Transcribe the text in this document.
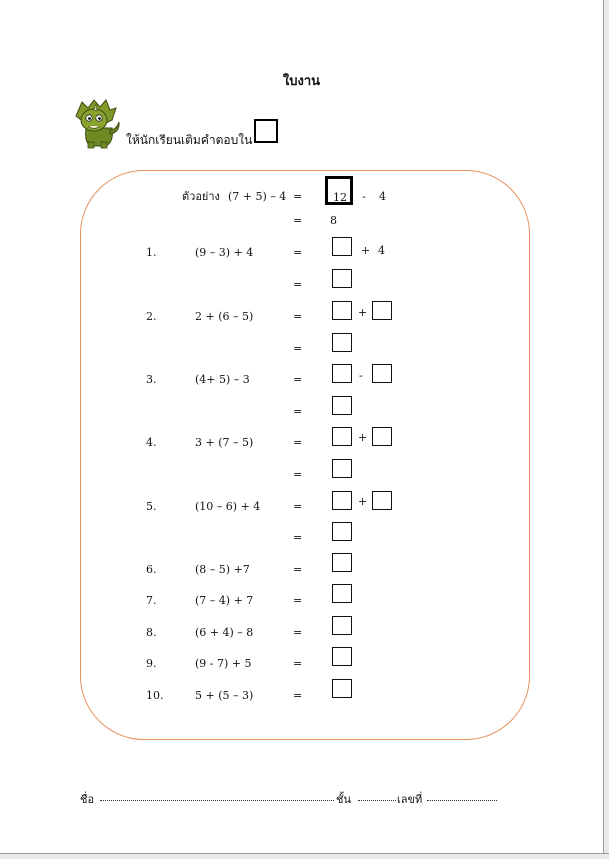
ใบงาน
ให้นักเรียนเติมคำตอบใน
ตัวอย่าง (7 + 5) – 4 =	12 - 4
=	8
1.	(9 – 3) + 4	=	+ 4
=
2.	2 + (6 – 5)	=	+
=
3.	(4+ 5) – 3	=	-
=
4.	3 + (7 – 5)	=	+
=
5.	(10 – 6) + 4	=	+
=
6.	(8 – 5) +7	=
7.	(7 – 4) + 7	=
8.	(6 + 4) – 8	=
9.	(9 - 7) + 5	=
10.	5 + (5 – 3)	=
ชื่อ	ชั้น	เลขที่
